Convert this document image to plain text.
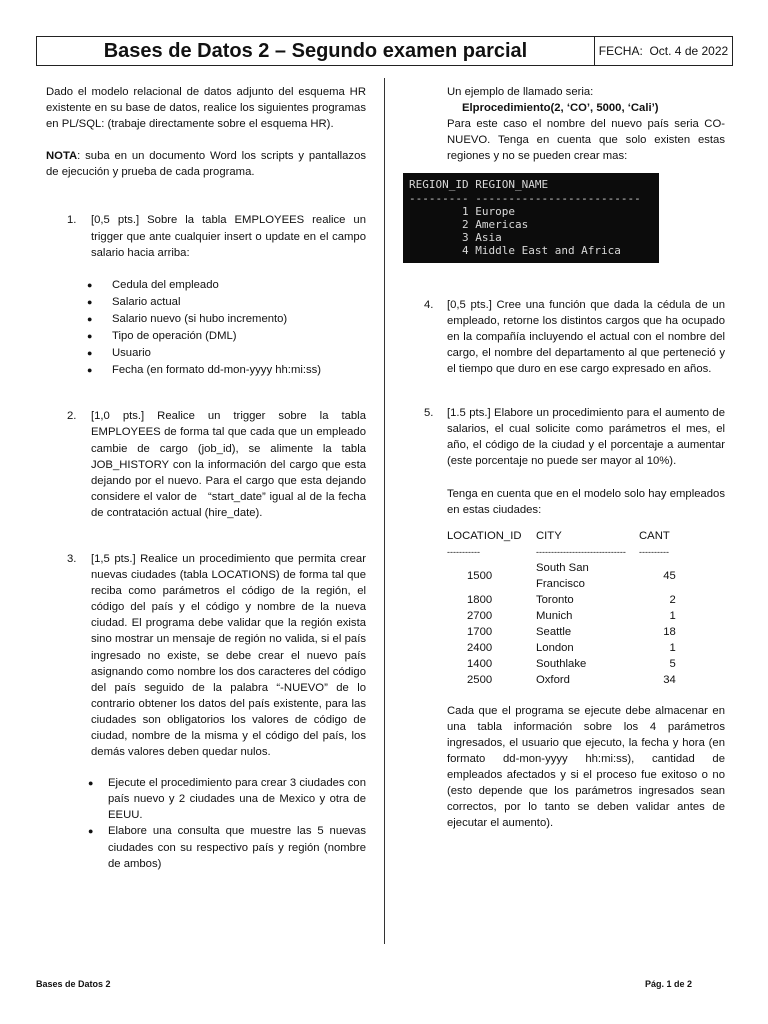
Bases de Datos 2 – Segundo examen parcial	FECHA:
Oct. 4 de 2022

Dado el modelo relacional de datos adjunto del esquema HR existente en su base de datos, realice los siguientes programas en PL/SQL: (trabaje directamente sobre el esquema HR).

NOTA: suba en un documento Word los scripts y pantallazos de ejecución y prueba de cada programa.

1. [0,5 pts.] Sobre la tabla EMPLOYEES realice un trigger que ante cualquier insert o update en el campo salario hacia arriba:

● Cedula del empleado
● Salario actual
● Salario nuevo (si hubo incremento)
● Tipo de operación (DML)
● Usuario
● Fecha (en formato dd-mon-yyyy hh:mi:ss)
2. [1,0 pts.] Realice un trigger sobre la tabla EMPLOYEES de forma tal que cada que un empleado cambie de cargo (job_id), se alimente la tabla JOB_HISTORY con la información del cargo que esta dejando por el nuevo. Para el cargo que esta dejando considere el valor de   “start_date” igual al de la fecha de contratación actual (hire_date).

3. [1,5 pts.] Realice un procedimiento que permita crear nuevas ciudades (tabla LOCATIONS) de forma tal que reciba como parámetros el código de la región, el código del país y el código y nombre de la nueva ciudad. El programa debe validar que la región exista sino mostrar un mensaje de región no valida, si el país ingresado no existe, se debe crear el nuevo país asignando como nombre los dos caracteres del código del país seguido de la palabra “-NUEVO” de lo contrario obtener los datos del país existente, para las ciudades son obligatorios los valores de código de ciudad, nombre de la misma y el código del país, los demás valores deben quedar nulos.

● Ejecute el procedimiento para crear 3 ciudades con país nuevo y 2 ciudades una de Mexico y otra de EEUU.
● Elabore una consulta que muestre las 5 nuevas ciudades con su respectivo país y región (nombre de ambos)

Un ejemplo de llamado seria:

Elprocedimiento(2, ‘CO’, 5000, ‘Cali’)

Para este caso el nombre del nuevo país seria CO-NUEVO. Tenga en cuenta que solo existen estas regiones y no se pueden crear mas:

REGION_ID REGION_NAME
--------- -------------------------
1 Europe
2 Americas
3 Asia
4 Middle East and Africa
4. [0,5 pts.] Cree una función que dada la cédula de un empleado, retorne los distintos cargos que ha ocupado en la compañía incluyendo el actual con el nombre del cargo, el nombre del departamento al que perteneció y el tiempo que duro en ese cargo expresado en años.

5. [1.5 pts.] Elabore un procedimiento para el aumento de salarios, el cual solicite como parámetros el mes, el año, el código de la ciudad y el porcentaje a aumentar (este porcentaje no puede ser mayor al 10%).

Tenga en cuenta que en el modelo solo hay empleados en estas ciudades:

LOCATION_ID	CITY	CANT
-----------	------------------------------	----------
1500	South San Francisco	45
1800	Toronto	2
2700	Munich	1
1700	Seattle	18
2400	London	1
1400	Southlake	5
2500	Oxford	34

Cada que el programa se ejecute debe almacenar en una tabla información sobre los 4 parámetros ingresados, el usuario que ejecuto, la fecha y hora (en formato dd-mon-yyyy hh:mi:ss), cantidad de empleados afectados y si el proceso fue exitoso o no (esto depende que los parámetros ingresados sean correctos, por lo tanto se deben validar antes de ejecutar el aumento).

Bases de Datos 2	Pág. 1 de 2
